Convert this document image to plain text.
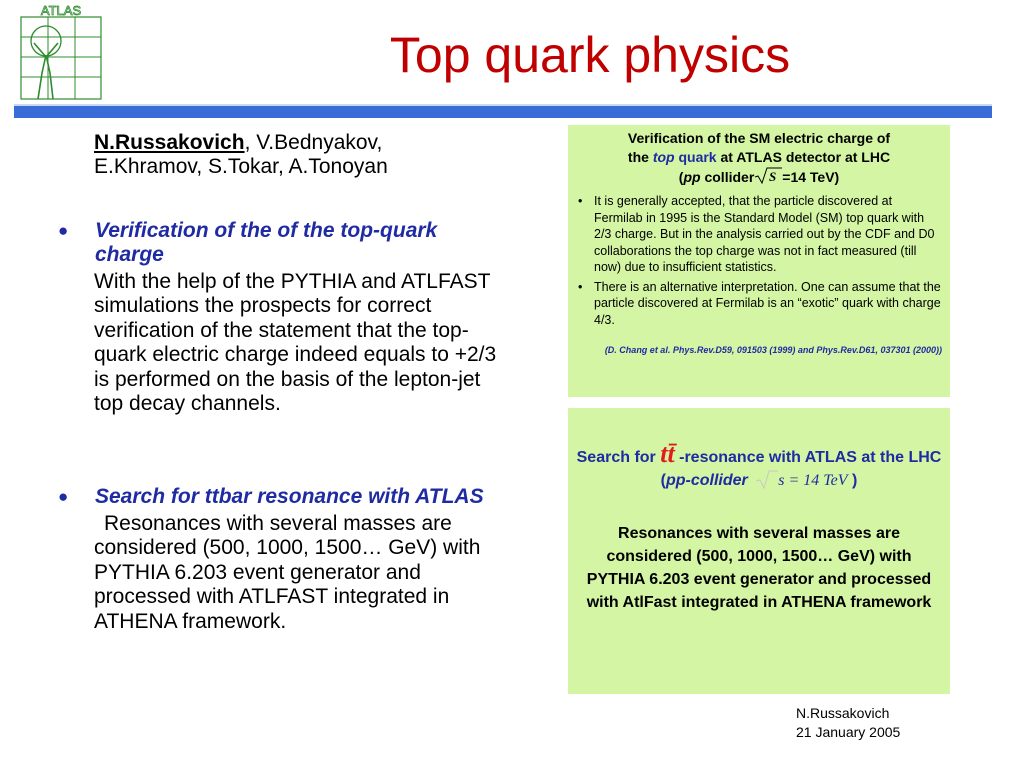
ATLAS
Top quark physics
N.Russakovich, V.Bednyakov, E.Khramov, S.Tokar, A.Tonoyan
● Verification of the of the top-quark charge
With the help of the PYTHIA and ATLFAST simulations the prospects for correct verification of the statement that the top-quark electric charge indeed equals to +2/3 is performed on the basis of the lepton-jet top decay channels.
● Search for ttbar resonance with ATLAS
Resonances with several masses are considered (500, 1000, 1500… GeV) with PYTHIA 6.203 event generator and processed with ATLFAST integrated in ATHENA framework.
Verification of the SM electric charge of
the top quark at ATLAS detector at LHC
(pp collider S =14 TeV)
• It is generally accepted, that the particle discovered at Fermilab in 1995 is the Standard Model (SM) top quark with 2/3 charge. But in the analysis carried out by the CDF and D0 collaborations the top charge was not in fact measured (till now) due to insufficient statistics.
• There is an alternative interpretation. One can assume that the particle discovered at Fermilab is an “exotic” quark with charge 4/3.
(D. Chang et al. Phys.Rev.D59, 091503 (1999) and Phys.Rev.D61, 037301 (2000))
Search for tt̄ -resonance with ATLAS at the LHC (pp-collider s = 14 TeV )
Resonances with several masses are considered (500, 1000, 1500… GeV) with PYTHIA 6.203 event generator and processed with AtlFast integrated in ATHENA framework
N.Russakovich
21 January 2005
